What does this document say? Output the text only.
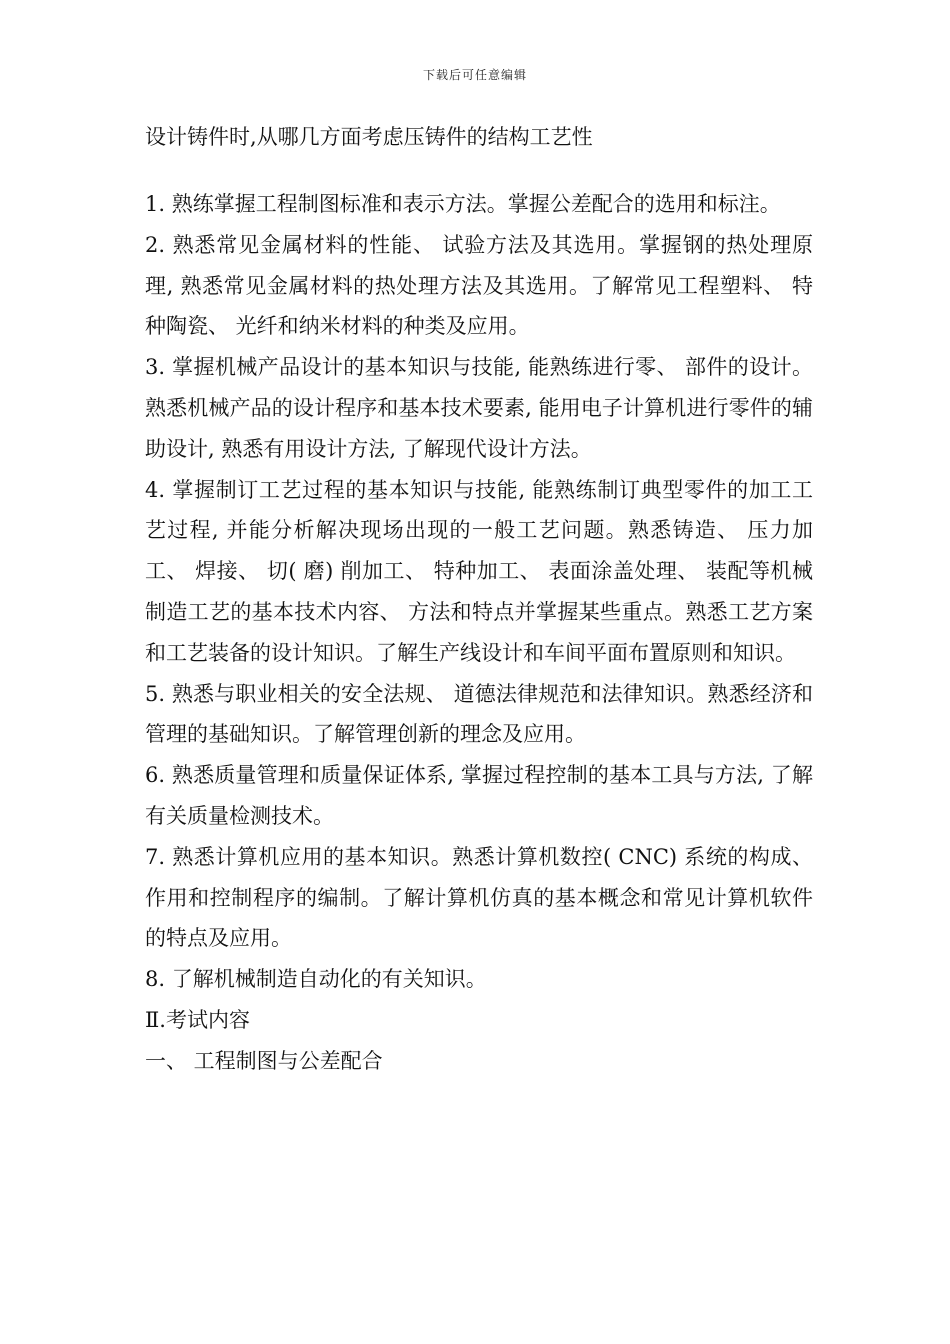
下载后可任意编辑
设计铸件时,从哪几方面考虑压铸件的结构工艺性

1. 熟练掌握工程制图标准和表示方法。掌握公差配合的选用和标注。

2. 熟悉常见金属材料的性能、 试验方法及其选用。掌握钢的热处理原理, 熟悉常见金属材料的热处理方法及其选用。了解常见工程塑料、 特种陶瓷、 光纤和纳米材料的种类及应用。

3. 掌握机械产品设计的基本知识与技能, 能熟练进行零、 部件的设计。熟悉机械产品的设计程序和基本技术要素, 能用电子计算机进行零件的辅助设计, 熟悉有用设计方法, 了解现代设计方法。

4. 掌握制订工艺过程的基本知识与技能, 能熟练制订典型零件的加工工艺过程, 并能分析解决现场出现的一般工艺问题。熟悉铸造、 压力加工、 焊接、 切( 磨) 削加工、 特种加工、 表面涂盖处理、 装配等机械制造工艺的基本技术内容、 方法和特点并掌握某些重点。熟悉工艺方案和工艺装备的设计知识。了解生产线设计和车间平面布置原则和知识。

5. 熟悉与职业相关的安全法规、 道德法律规范和法律知识。熟悉经济和管理的基础知识。了解管理创新的理念及应用。

6. 熟悉质量管理和质量保证体系, 掌握过程控制的基本工具与方法, 了解有关质量检测技术。

7. 熟悉计算机应用的基本知识。熟悉计算机数控( CNC) 系统的构成、 作用和控制程序的编制。了解计算机仿真的基本概念和常见计算机软件的特点及应用。

8. 了解机械制造自动化的有关知识。

Ⅱ.考试内容

一、 工程制图与公差配合
